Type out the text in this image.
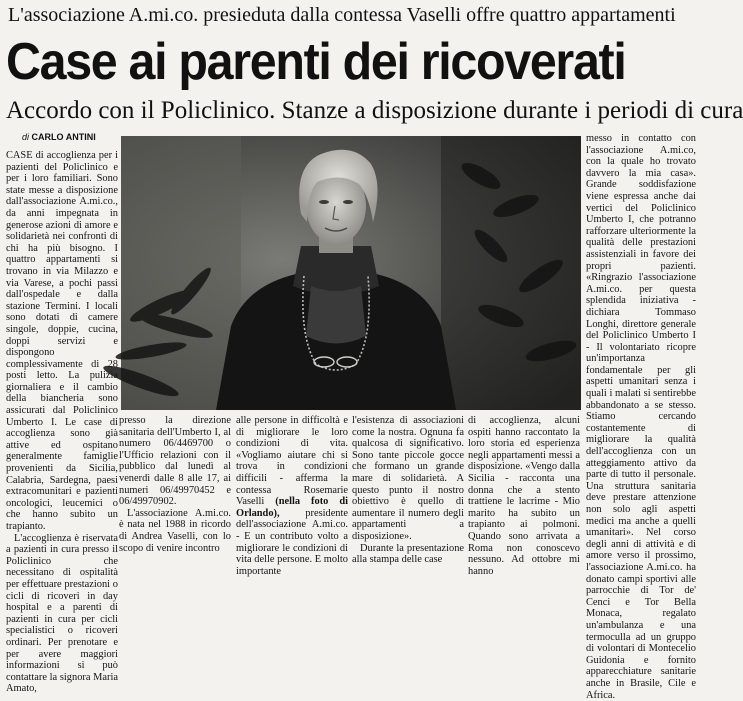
L'associazione A.mi.co. presieduta dalla contessa Vaselli offre quattro appartamenti
Case ai parenti dei ricoverati
Accordo con il Policlinico. Stanze a disposizione durante i periodi di cura
di CARLO ANTINI

CASE di accoglienza per i pazienti del Policlinico e per i loro familiari. Sono state messe a disposizione dall'associazione A.mi.co., da anni impegnata in generose azioni di amore e solidarietà nei confronti di chi ha più bisogno. I quattro appartamenti si trovano in via Milazzo e via Varese, a pochi passi dall'ospedale e dalla stazione Termini. I locali sono dotati di camere singole, doppie, cucina, doppi servizi e dispongono complessivamente di 28 posti letto. La pulizia giornaliera e il cambio della biancheria sono assicurati dal Policlinico Umberto I. Le case di accoglienza sono già attive ed ospitano generalmente famiglie provenienti da Sicilia, Calabria, Sardegna, paesi extracomunitari e pazienti oncologici, leucemici o che hanno subito un trapianto.

L'accoglienza è riservata a pazienti in cura presso il Policlinico che necessitano di ospitalità per effettuare prestazioni o cicli di ricoveri in day hospital e a parenti di pazienti in cura per cicli specialistici o ricoveri ordinari. Per prenotare e per avere maggiori informazioni si può contattare la signora Maria Amato,

presso la direzione sanitaria dell'Umberto I, al numero 06/4469700 o l'Ufficio relazioni con il pubblico dal lunedì al venerdì dalle 8 alle 17, ai numeri 06/49970452 e 06/49970902.

L'associazione A.mi.co. è nata nel 1988 in ricordo di Andrea Vaselli, con lo scopo di venire incontro

alle persone in difficoltà e di migliorare le loro condizioni di vita. «Vogliamo aiutare chi si trova in condizioni difficili - afferma la contessa Rosemarie Vaselli (nella foto di Orlando), presidente dell'associazione A.mi.co. - E un contributo volto a migliorare le condizioni di vita delle persone. E molto importante

l'esistenza di associazioni come la nostra. Ognuna fa qualcosa di significativo. Sono tante piccole gocce che formano un grande mare di solidarietà. A questo punto il nostro obiettivo è quello di aumentare il numero degli appartamenti a disposizione».

Durante la presentazione alla stampa delle case

di accoglienza, alcuni ospiti hanno raccontato la loro storia ed esperienza negli appartamenti messi a disposizione. «Vengo dalla Sicilia - racconta una donna che a stento trattiene le lacrime - Mio marito ha subito un trapianto ai polmoni. Quando sono arrivata a Roma non conoscevo nessuno. Ad ottobre mi hanno

messo in contatto con l'associazione A.mi.co, con la quale ho trovato davvero la mia casa». Grande soddisfazione viene espressa anche dai vertici del Policlinico Umberto I, che potranno rafforzare ulteriormente la qualità delle prestazioni assistenziali in favore dei propri pazienti. «Ringrazio l'associazione A.mi.co. per questa splendida iniziativa - dichiara Tommaso Longhi, direttore generale del Policlinico Umberto I - Il volontariato ricopre un'importanza fondamentale per gli aspetti umanitari senza i quali i malati si sentirebbe abbandonato a se stesso. Stiamo cercando costantemente di migliorare la qualità dell'accoglienza con un atteggiamento attivo da parte di tutto il personale. Una struttura sanitaria deve prestare attenzione non solo agli aspetti medici ma anche a quelli umanitari». Nel corso degli anni di attività e di amore verso il prossimo, l'associazione A.mi.co. ha donato campi sportivi alle parrocchie di Tor de' Cenci e Tor Bella Monaca, regalato un'ambulanza e una termoculla ad un gruppo di volontari di Montecelio Guidonia e fornito apparecchiature sanitarie anche in Brasile, Cile e Africa.
